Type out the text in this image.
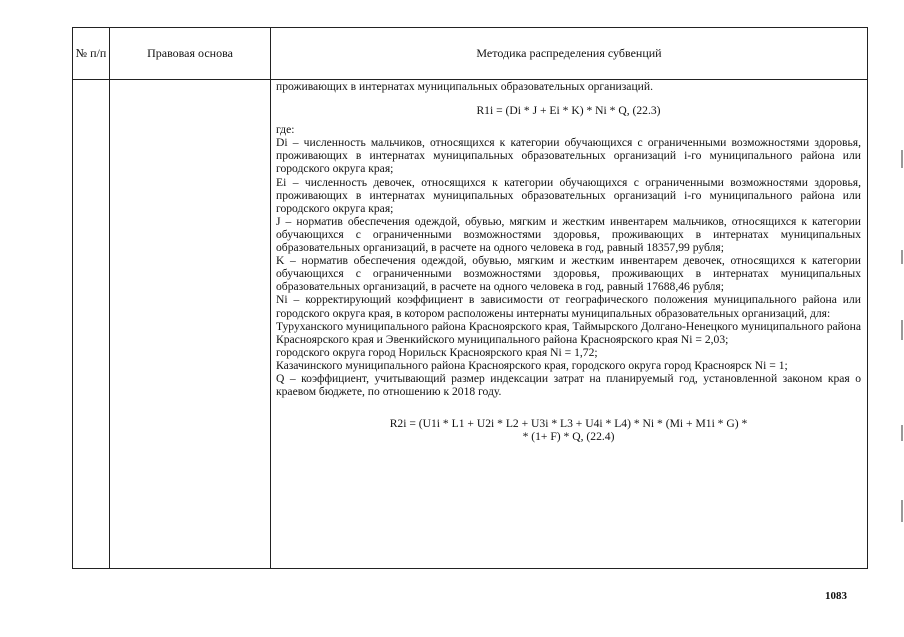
№ п/п	Правовая основа	Методика распределения субвенций

проживающих в интернатах муниципальных образовательных организаций.

R1i = (Di * J + Ei * K) * Ni * Q, (22.3)

где:

Di – численность мальчиков, относящихся к категории обучающихся с ограниченными возможностями здоровья, проживающих в интернатах муниципальных образовательных организаций i-го муниципального района или городского округа края;

Ei – численность девочек, относящихся к категории обучающихся с ограниченными возможностями здоровья, проживающих в интернатах муниципальных образовательных организаций i-го муниципального района или городского округа края;

J – норматив обеспечения одеждой, обувью, мягким и жестким инвентарем мальчиков, относящихся к категории обучающихся с ограниченными возможностями здоровья, проживающих в интернатах муниципальных образовательных организаций, в расчете на одного человека в год, равный 18357,99 рубля;

K – норматив обеспечения одеждой, обувью, мягким и жестким инвентарем девочек, относящихся к категории обучающихся с ограниченными возможностями здоровья, проживающих в интернатах муниципальных образовательных организаций, в расчете на одного человека в год, равный 17688,46 рубля;

Ni – корректирующий коэффициент в зависимости от географического положения муниципального района или городского округа края, в котором расположены интернаты муниципальных образовательных организаций, для:

Туруханского муниципального района Красноярского края, Таймырского Долгано-Ненецкого муниципального района Красноярского края и Эвенкийского муниципального района Красноярского края Ni = 2,03;

городского округа город Норильск Красноярского края Ni = 1,72;

Казачинского муниципального района Красноярского края, городского округа город Красноярск Ni = 1;

Q – коэффициент, учитывающий размер индексации затрат на планируемый год, установленной законом края о краевом бюджете, по отношению к 2018 году.

R2i = (U1i * L1 + U2i * L2 + U3i * L3 + U4i * L4) * Ni * (Mi + M1i * G) *

* (1+ F) * Q, (22.4)

1083
